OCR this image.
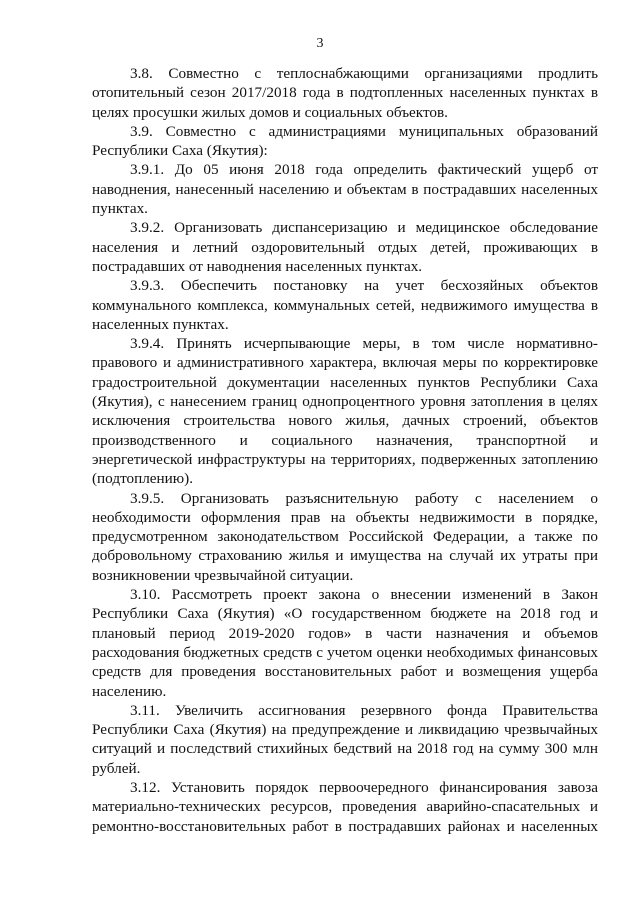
3

3.8. Совместно с теплоснабжающими организациями продлить отопительный сезон 2017/2018 года в подтопленных населенных пунктах в целях просушки жилых домов и социальных объектов.

3.9. Совместно с администрациями муниципальных образований Республики Саха (Якутия):

3.9.1. До 05 июня 2018 года определить фактический ущерб от наводнения, нанесенный населению и объектам в пострадавших населенных пунктах.

3.9.2. Организовать диспансеризацию и медицинское обследование населения и летний оздоровительный отдых детей, проживающих в пострадавших от наводнения населенных пунктах.

3.9.3. Обеспечить постановку на учет бесхозяйных объектов коммунального комплекса, коммунальных сетей, недвижимого имущества в населенных пунктах.

3.9.4. Принять исчерпывающие меры, в том числе нормативно-правового и административного характера, включая меры по корректировке градостроительной документации населенных пунктов Республики Саха (Якутия), с нанесением границ однопроцентного уровня затопления в целях исключения строительства нового жилья, дачных строений, объектов производственного и социального назначения, транспортной и энергетической инфраструктуры на территориях, подверженных затоплению (подтоплению).

3.9.5. Организовать разъяснительную работу с населением о необходимости оформления прав на объекты недвижимости в порядке, предусмотренном законодательством Российской Федерации, а также по добровольному страхованию жилья и имущества на случай их утраты при возникновении чрезвычайной ситуации.

3.10. Рассмотреть проект закона о внесении изменений в Закон Республики Саха (Якутия) «О государственном бюджете на 2018 год и плановый период 2019-2020 годов» в части назначения и объемов расходования бюджетных средств с учетом оценки необходимых финансовых средств для проведения восстановительных работ и возмещения ущерба населению.

3.11. Увеличить ассигнования резервного фонда Правительства Республики Саха (Якутия) на предупреждение и ликвидацию чрезвычайных ситуаций и последствий стихийных бедствий на 2018 год на сумму 300 млн рублей.

3.12. Установить порядок первоочередного финансирования завоза материально-технических ресурсов, проведения аварийно-спасательных и ремонтно-восстановительных работ в пострадавших районах и населенных
